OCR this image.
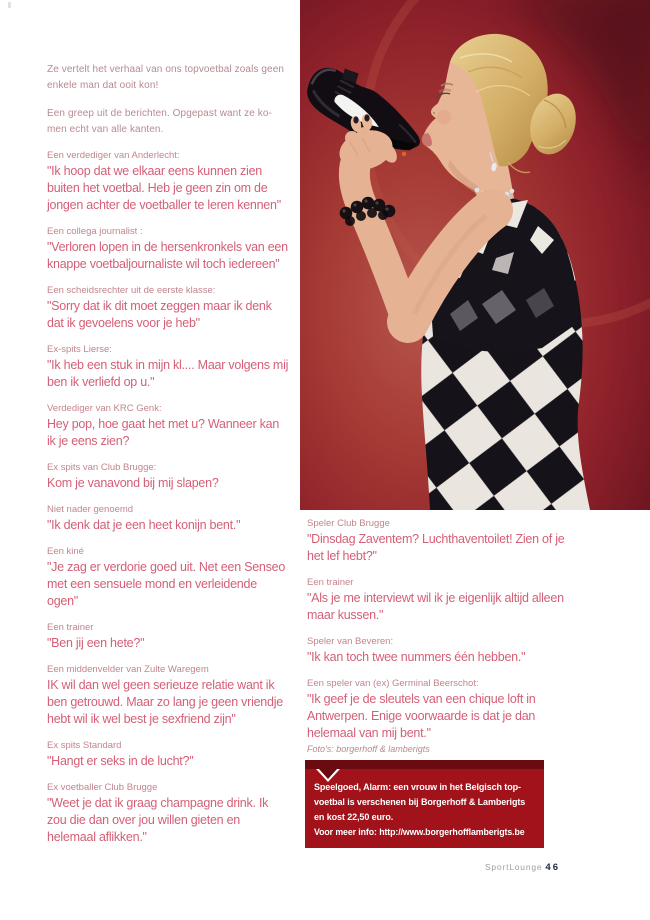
Ze vertelt het verhaal van ons topvoetbal zoals geen enkele man dat ooit kon!

Een greep uit de berichten. Opgepast want ze ko-men echt van alle kanten.

Een verdediger van Anderlecht:

"Ik hoop dat we elkaar eens kunnen zien buiten het voetbal. Heb je geen zin om de jongen achter de voetballer te leren kennen"

Een collega journalist :

"Verloren lopen in de hersenkronkels van een knappe voetbaljournaliste wil toch iedereen"

Een scheidsrechter uit de eerste klasse:

"Sorry dat ik dit moet zeggen maar ik denk dat ik gevoelens voor je heb"

Ex-spits Lierse:

"Ik heb een stuk in mijn kl.... Maar volgens mij ben ik verliefd op u."

Verdediger van KRC Genk:

Hey pop, hoe gaat het met u? Wanneer kan ik je eens zien?

Ex spits van Club Brugge:

Kom je vanavond bij mij slapen?

Niet nader genoemd

"Ik denk dat je een heet konijn bent."

Een kiné

"Je zag er verdorie goed uit. Net een Senseo met een sensuele mond en verleidende ogen"

Een trainer

"Ben jij een hete?"

Een middenvelder van Zulte Waregem

IK wil dan wel geen serieuze relatie want ik ben getrouwd. Maar zo lang je geen vriendje hebt wil ik wel best je sexfriend zijn"

Ex spits Standard

"Hangt er seks in de lucht?"

Ex voetballer Club Brugge

"Weet je dat ik graag champagne drink. Ik zou die dan over jou willen gieten en helemaal aflikken."

Speler Club Brugge

"Dinsdag Zaventem? Luchthaventoilet! Zien of je het lef hebt?"

Een trainer

"Als je me interviewt wil ik je eigenlijk altijd alleen maar kussen."

Speler van Beveren:

"Ik kan toch twee nummers één hebben."

Een speler van (ex) Germinal Beerschot:

"Ik geef je de sleutels van een chique loft in Antwerpen. Enige voorwaarde is dat je dan helemaal van mij bent."

Foto's: borgerhoff & lamberigts

Speelgoed, Alarm: een vrouw in het Belgisch top-voetbal is verschenen bij Borgerhoff & Lamberigts en kost 22,50 euro.

Voor meer info: http://www.borgerhofflamberigts.be

SportLounge 46
